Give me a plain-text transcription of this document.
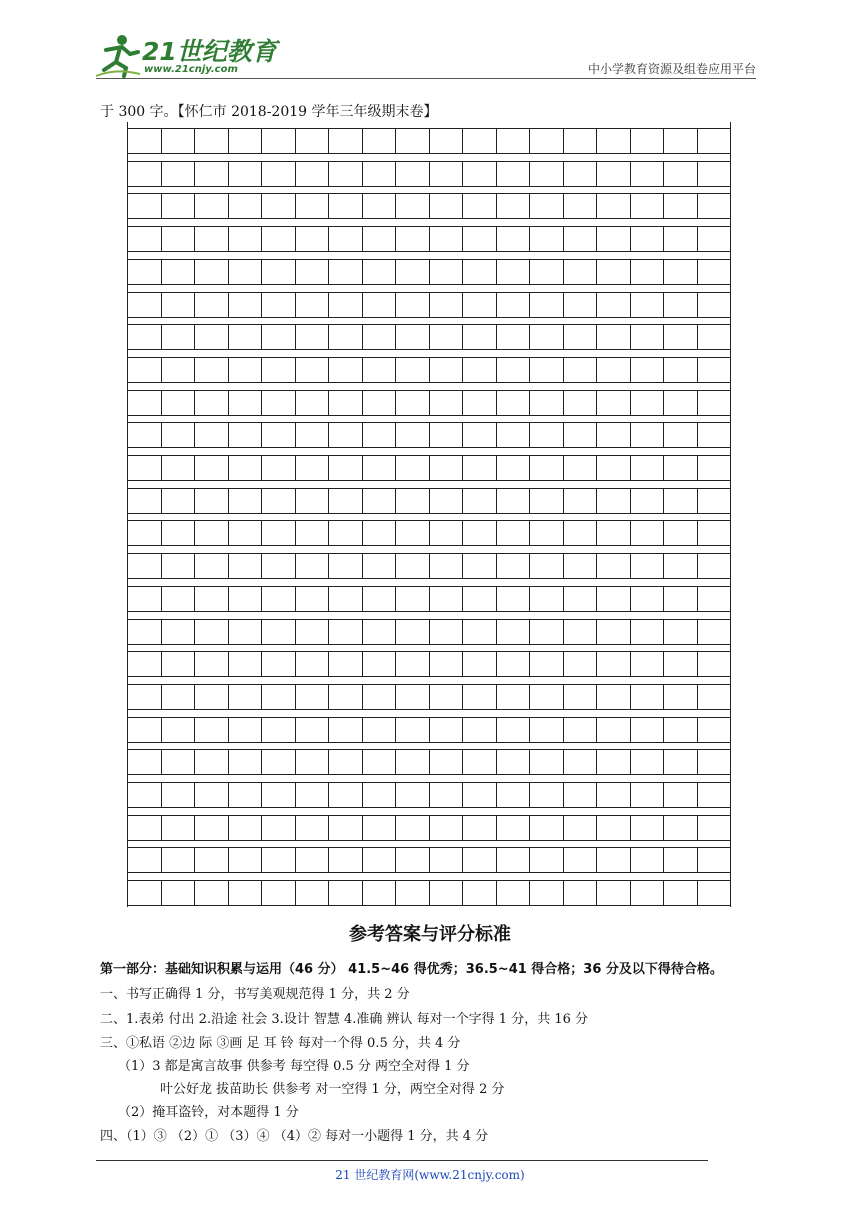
21世纪教育
www.21cnjy.com	中小学教育资源及组卷应用平台
于 300 字。【怀仁市 2018-2019 学年三年级期末卷】
参考答案与评分标准
第一部分：基础知识积累与运用（46 分） 41.5~46 得优秀；36.5~41 得合格；36 分及以下得待合格。
一、书写正确得 1 分，书写美观规范得 1 分，共 2 分
二、1.表弟 付出 2.沿途 社会 3.设计 智慧 4.准确 辨认 每对一个字得 1 分，共 16 分
三、①私语 ②边 际 ③画 足 耳 铃 每对一个得 0.5 分，共 4 分
（1）3 都是寓言故事 供参考 每空得 0.5 分 两空全对得 1 分
叶公好龙 拔苗助长 供参考 对一空得 1 分，两空全对得 2 分
（2）掩耳盗铃，对本题得 1 分
四、（1）③ （2）① （3）④ （4）② 每对一小题得 1 分，共 4 分
21 世纪教育网(www.21cnjy.com)
